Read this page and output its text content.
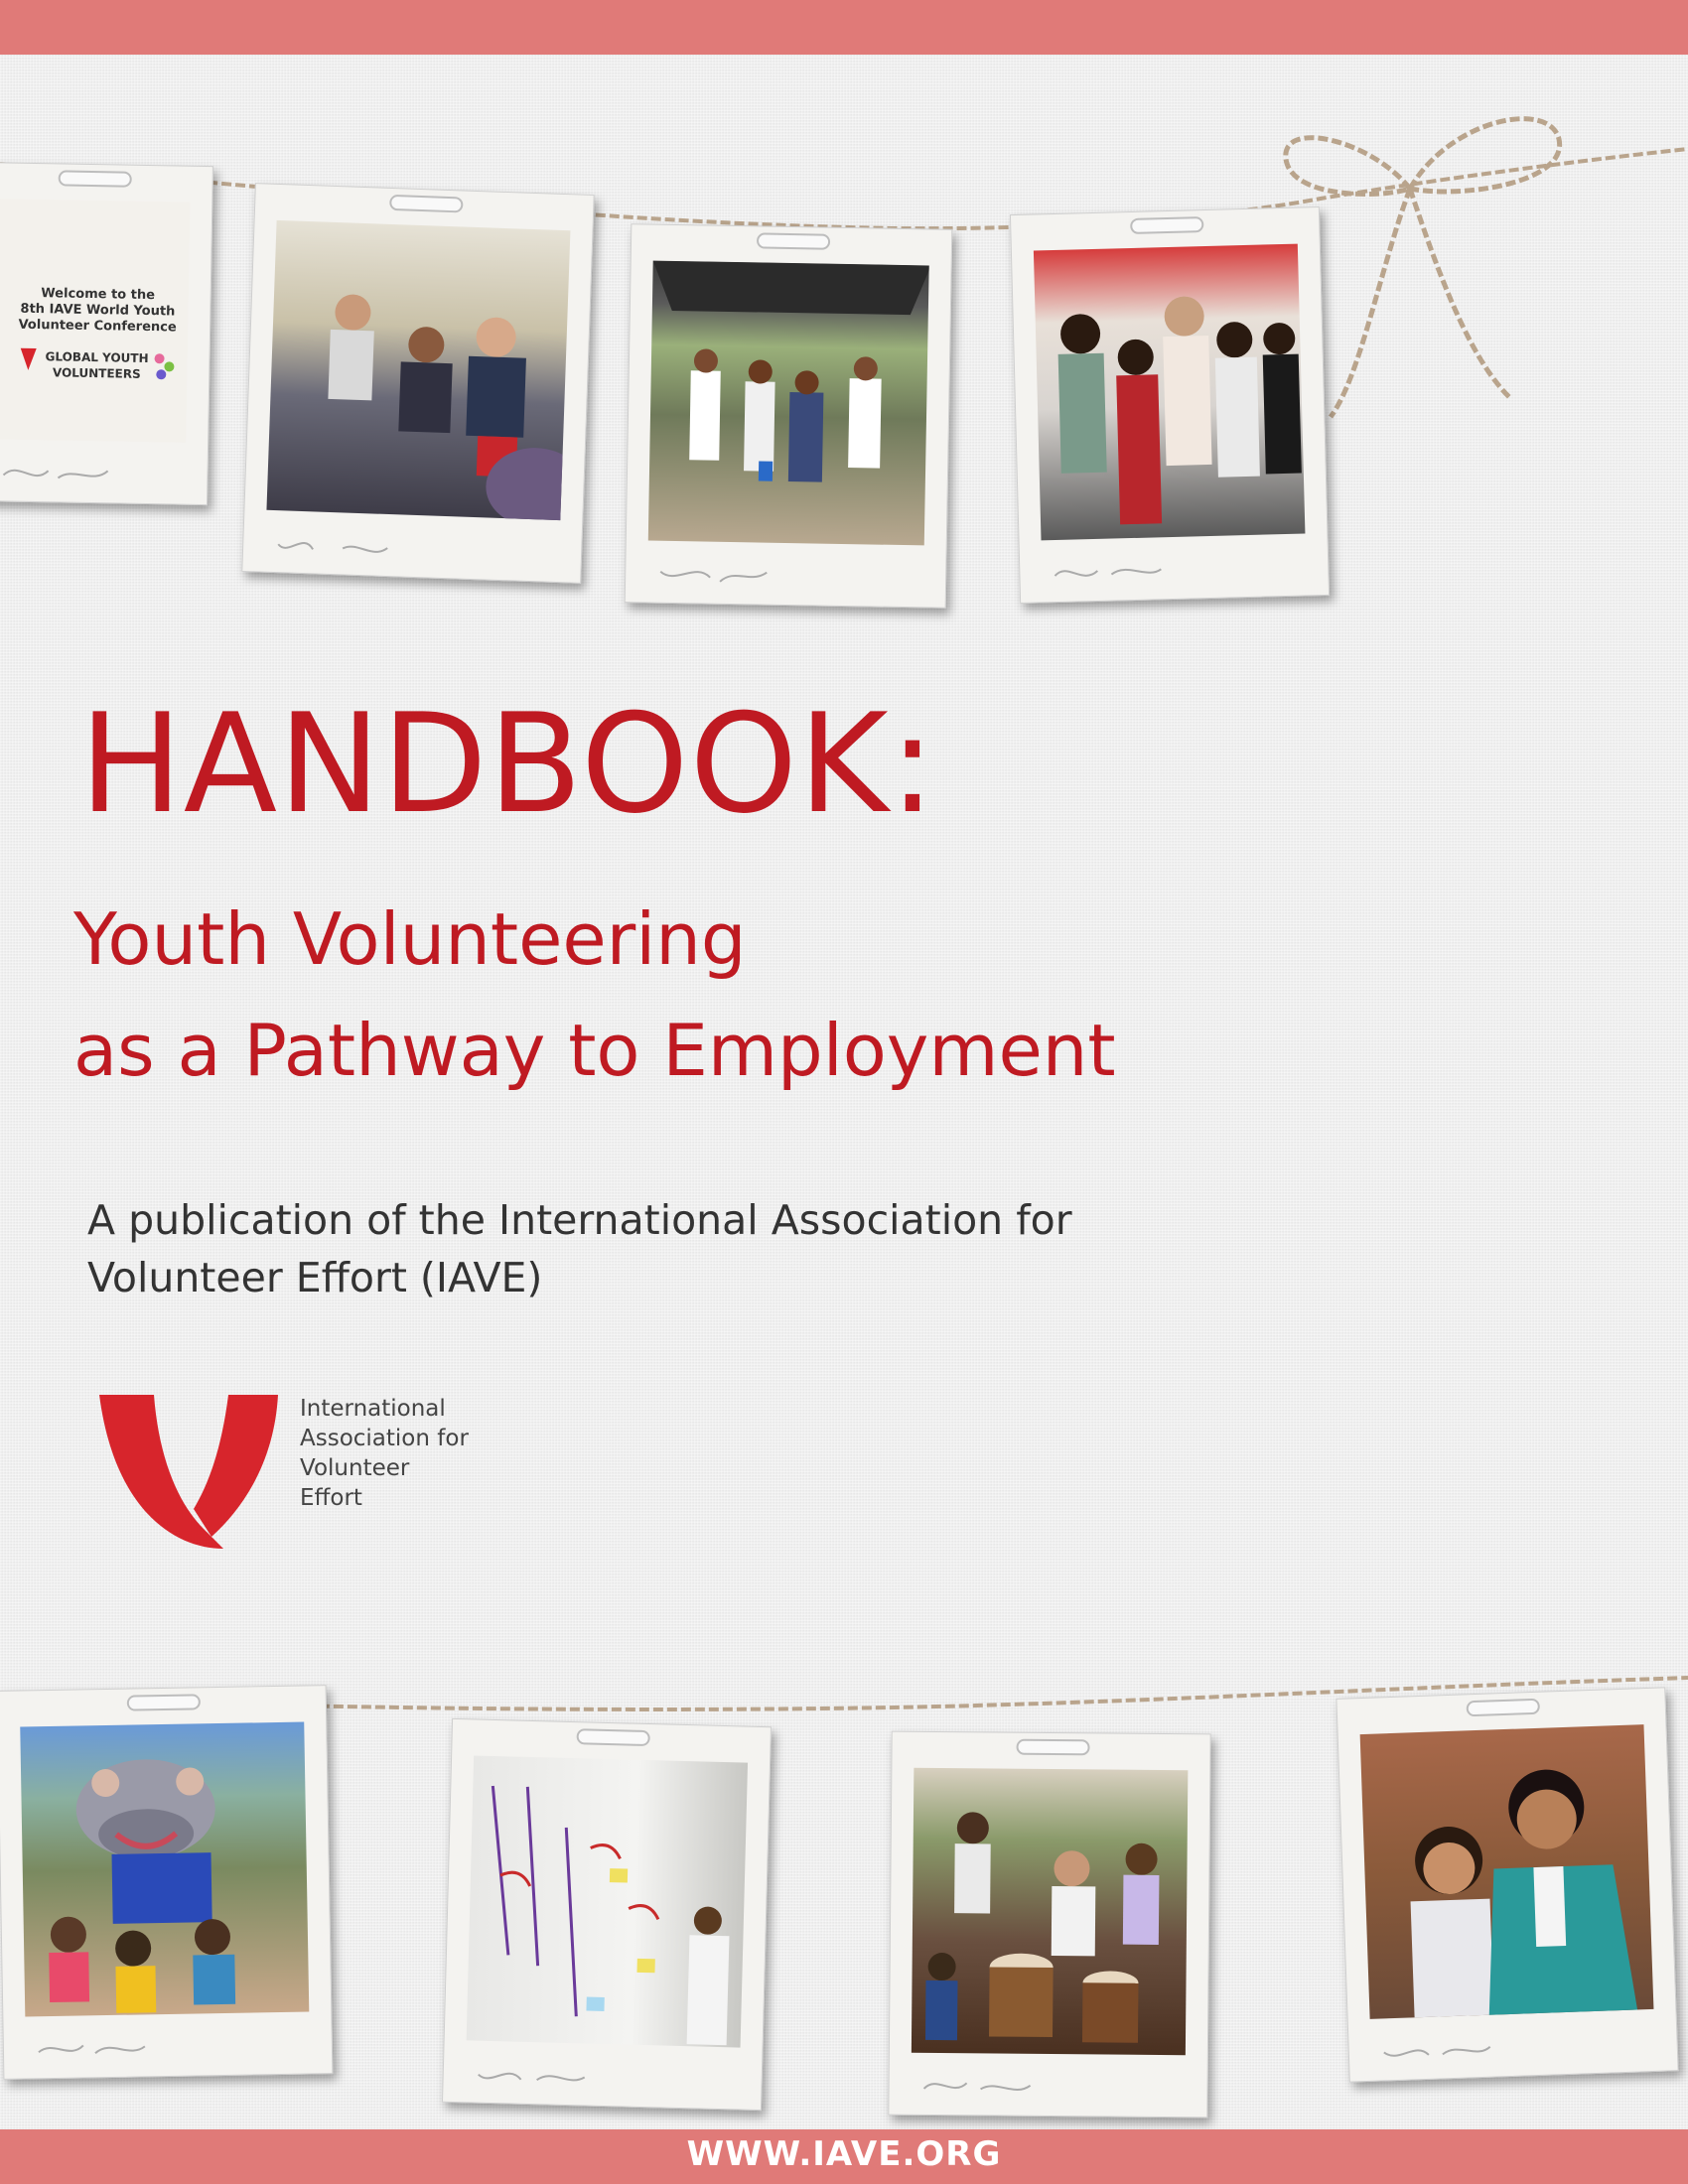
Welcome to the
8th IAVE World Youth
Volunteer Conference
GLOBAL YOUTH
VOLUNTEERS
HANDBOOK:
Youth Volunteering
as a Pathway to Employment

A publication of the International Association for
Volunteer Effort (IAVE)

International
Association for
Volunteer
Effort
WWW.IAVE.ORG
